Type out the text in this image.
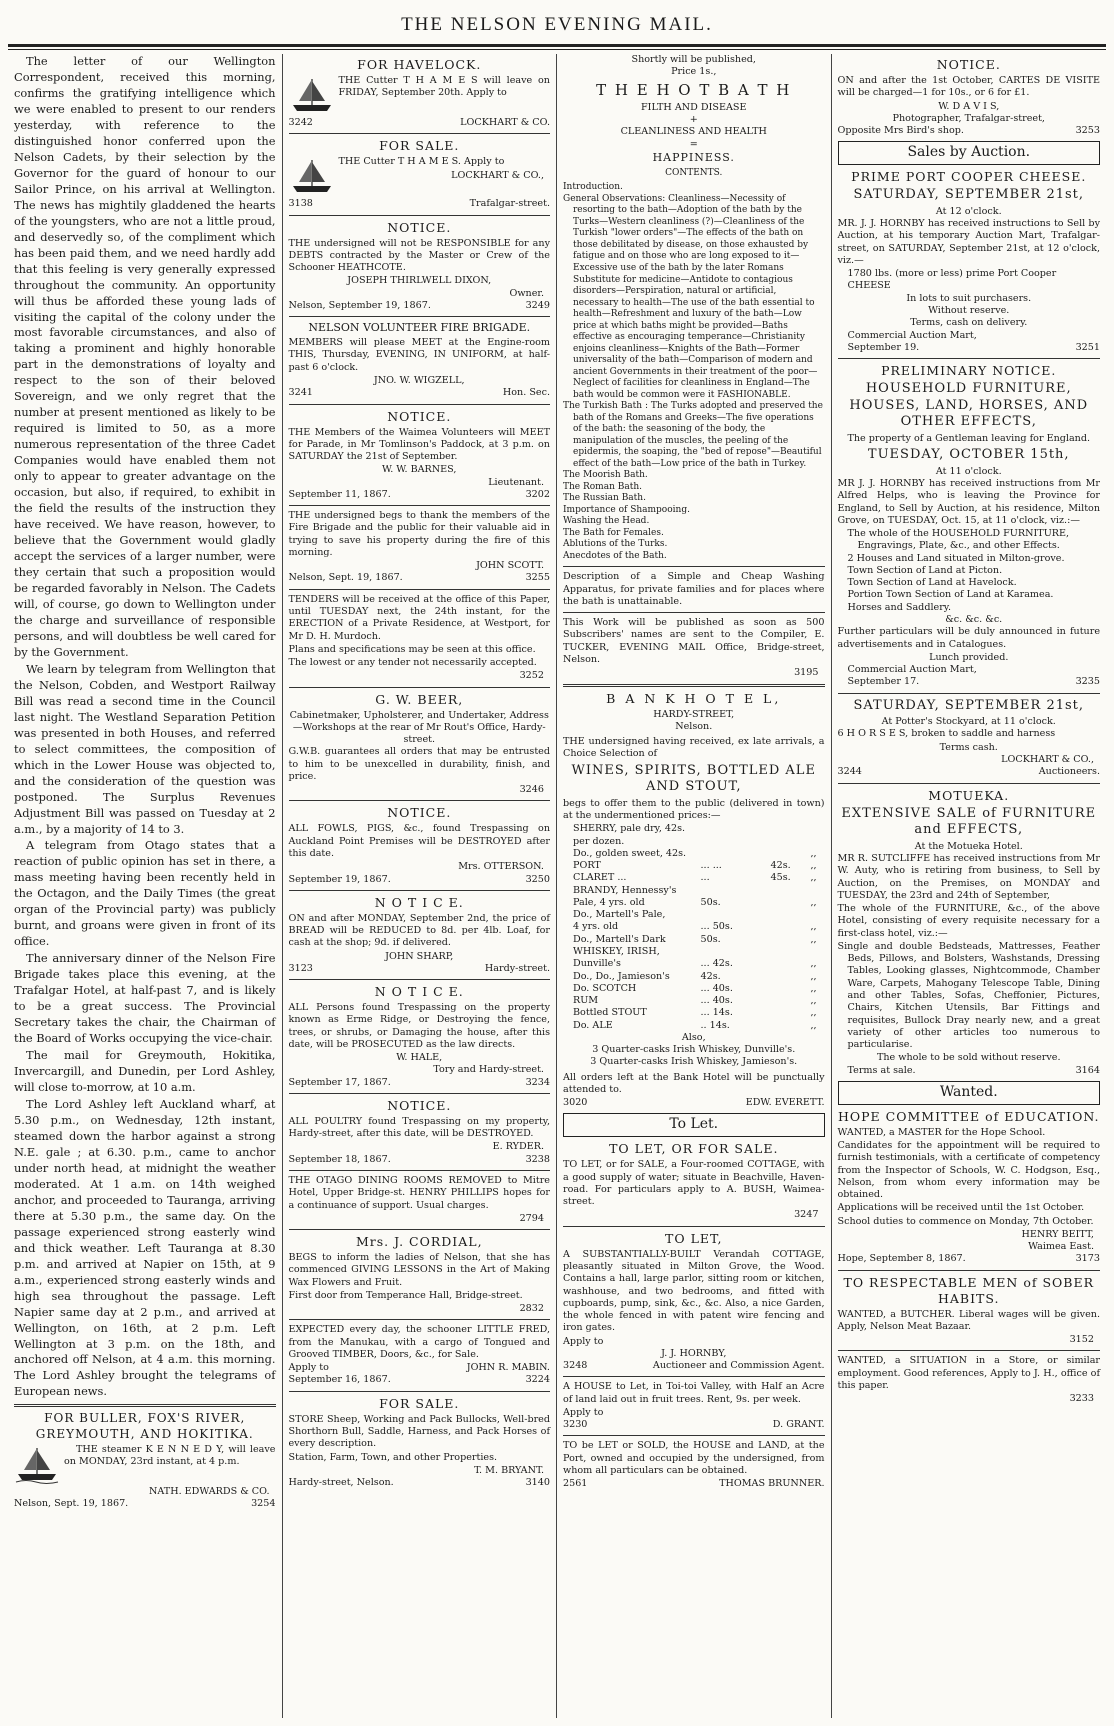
THE NELSON EVENING MAIL.

The letter of our Wellington Correspondent, received this morning, confirms the gratifying intelligence which we were enabled to present to our renders yesterday, with reference to the distinguished honor conferred upon the Nelson Cadets, by their selection by the Governor for the guard of honour to our Sailor Prince, on his arrival at Wellington. The news has mightily gladdened the hearts of the youngsters, who are not a little proud, and deservedly so, of the compliment which has been paid them, and we need hardly add that this feeling is very generally expressed throughout the community. An opportunity will thus be afforded these young lads of visiting the capital of the colony under the most favorable circumstances, and also of taking a prominent and highly honorable part in the demonstrations of loyalty and respect to the son of their beloved Sovereign, and we only regret that the number at present mentioned as likely to be required is limited to 50, as a more numerous representation of the three Cadet Companies would have enabled them not only to appear to greater advantage on the occasion, but also, if required, to exhibit in the field the results of the instruction they have received. We have reason, however, to believe that the Government would gladly accept the services of a larger number, were they certain that such a proposition would be regarded favorably in Nelson. The Cadets will, of course, go down to Wellington under the charge and surveillance of responsible persons, and will doubtless be well cared for by the Government.

We learn by telegram from Wellington that the Nelson, Cobden, and Westport Railway Bill was read a second time in the Council last night. The Westland Separation Petition was presented in both Houses, and referred to select committees, the composition of which in the Lower House was objected to, and the consideration of the question was postponed. The Surplus Revenues Adjustment Bill was passed on Tuesday at 2 a.m., by a majority of 14 to 3.

A telegram from Otago states that a reaction of public opinion has set in there, a mass meeting having been recently held in the Octagon, and the Daily Times (the great organ of the Provincial party) was publicly burnt, and groans were given in front of its office.

The anniversary dinner of the Nelson Fire Brigade takes place this evening, at the Trafalgar Hotel, at half-past 7, and is likely to be a great success. The Provincial Secretary takes the chair, the Chairman of the Board of Works occupying the vice-chair.

The mail for Greymouth, Hokitika, Invercargill, and Dunedin, per Lord Ashley, will close to-morrow, at 10 a.m.

The Lord Ashley left Auckland wharf, at 5.30 p.m., on Wednesday, 12th instant, steamed down the harbor against a strong N.E. gale ; at 6.30. p.m., came to anchor under north head, at midnight the weather moderated. At 1 a.m. on 14th weighed anchor, and proceeded to Tauranga, arriving there at 5.30 p.m., the same day. On the passage experienced strong easterly wind and thick weather. Left Tauranga at 8.30 p.m. and arrived at Napier on 15th, at 9 a.m., experienced strong easterly winds and high sea throughout the passage. Left Napier same day at 2 p.m., and arrived at Wellington, on 16th, at 2 p.m. Left Wellington at 3 p.m. on the 18th, and anchored off Nelson, at 4 a.m. this morning. The Lord Ashley brought the telegrams of European news.

FOR BULLER, FOX'S RIVER, GREYMOUTH, AND HOKITIKA.

THE steamer K E N N E D Y, will leave on MONDAY, 23rd instant, at 4 p.m.

NATH. EDWARDS & CO.
Nelson, Sept. 19, 1867.	3254
FOR HAVELOCK.

THE Cutter T H A M E S will leave on FRIDAY, September 20th. Apply to

3242	LOCKHART & CO.
FOR SALE.

THE Cutter T H A M E S. Apply to

LOCKHART & CO.,
3138	Trafalgar-street.
NOTICE.

THE undersigned will not be RESPONSIBLE for any DEBTS contracted by the Master or Crew of the Schooner HEATHCOTE.

JOSEPH THIRLWELL DIXON,
Owner.
Nelson, September 19, 1867.	3249
NELSON VOLUNTEER FIRE BRIGADE.

MEMBERS will please MEET at the Engine-room THIS, Thursday, EVENING, IN UNIFORM, at half-past 6 o'clock.

JNO. W. WIGZELL,
3241	Hon. Sec.
NOTICE.

THE Members of the Waimea Volunteers will MEET for Parade, in Mr Tomlinson's Paddock, at 3 p.m. on SATURDAY the 21st of September.

W. W. BARNES,
Lieutenant.
September 11, 1867.	3202

THE undersigned begs to thank the members of the Fire Brigade and the public for their valuable aid in trying to save his property during the fire of this morning.

JOHN SCOTT.
Nelson, Sept. 19, 1867.	3255

TENDERS will be received at the office of this Paper, until TUESDAY next, the 24th instant, for the ERECTION of a Private Residence, at Westport, for Mr D. H. Murdoch.

Plans and specifications may be seen at this office.

The lowest or any tender not necessarily accepted.

3252
G. W. BEER,
Cabinetmaker, Upholsterer, and Undertaker, Address—Workshops at the rear of Mr Rout's Office, Hardy-street.

G.W.B. guarantees all orders that may be entrusted to him to be unexcelled in durability, finish, and price.

3246
NOTICE.

ALL FOWLS, PIGS, &c., found Trespassing on Auckland Point Premises will be DESTROYED after this date.

Mrs. OTTERSON.
September 19, 1867.	3250
N O T I C E.

ON and after MONDAY, September 2nd, the price of BREAD will be REDUCED to 8d. per 4lb. Loaf, for cash at the shop; 9d. if delivered.

JOHN SHARP,
3123	Hardy-street.
N O T I C E.

ALL Persons found Trespassing on the property known as Erme Ridge, or Destroying the fence, trees, or shrubs, or Damaging the house, after this date, will be PROSECUTED as the law directs.

W. HALE,
Tory and Hardy-street.
September 17, 1867.	3234
NOTICE.

ALL POULTRY found Trespassing on my property, Hardy-street, after this date, will be DESTROYED.

E. RYDER.
September 18, 1867.	3238

THE OTAGO DINING ROOMS REMOVED to Mitre Hotel, Upper Bridge-st. HENRY PHILLIPS hopes for a continuance of support. Usual charges.

2794
Mrs. J. CORDIAL,

BEGS to inform the ladies of Nelson, that she has commenced GIVING LESSONS in the Art of Making Wax Flowers and Fruit.

First door from Temperance Hall, Bridge-street.

2832

EXPECTED every day, the schooner LITTLE FRED, from the Manukau, with a cargo of Tongued and Grooved TIMBER, Doors, &c., for Sale.

Apply to	JOHN R. MABIN.
September 16, 1867.	3224
FOR SALE.

STORE Sheep, Working and Pack Bullocks, Well-bred Shorthorn Bull, Saddle, Harness, and Pack Horses of every description.

Station, Farm, Town, and other Properties.

T. M. BRYANT.
Hardy-street, Nelson.	3140
Shortly will be published,
Price 1s.,
T H E H O T B A T H
FILTH AND DISEASE
+
CLEANLINESS AND HEALTH
=
HAPPINESS.
CONTENTS.
Introduction.
General Observations: Cleanliness—Necessity of resorting to the bath—Adoption of the bath by the Turks—Western cleanliness (?)—Cleanliness of the Turkish "lower orders"—The effects of the bath on those debilitated by disease, on those exhausted by fatigue and on those who are long exposed to it—Excessive use of the bath by the later Romans Substitute for medicine—Antidote to contagious disorders—Perspiration, natural or artificial, necessary to health—The use of the bath essential to health—Refreshment and luxury of the bath—Low price at which baths might be provided—Baths effective as encouraging temperance—Christianity enjoins cleanliness—Knights of the Bath—Former universality of the bath—Comparison of modern and ancient Governments in their treatment of the poor—Neglect of facilities for cleanliness in England—The bath would be common were it FASHIONABLE.
The Turkish Bath : The Turks adopted and preserved the bath of the Romans and Greeks—The five operations of the bath: the seasoning of the body, the manipulation of the muscles, the peeling of the epidermis, the soaping, the "bed of repose"—Beautiful effect of the bath—Low price of the bath in Turkey.
The Moorish Bath.
The Roman Bath.
The Russian Bath.
Importance of Shampooing.
Washing the Head.
The Bath for Females.
Ablutions of the Turks.
Anecdotes of the Bath.

Description of a Simple and Cheap Washing Apparatus, for private families and for places where the bath is unattainable.

This Work will be published as soon as 500 Subscribers' names are sent to the Compiler, E. TUCKER, EVENING MAIL Office, Bridge-street, Nelson.

3195
B A N K H O T E L,
HARDY-STREET,
Nelson.

THE undersigned having received, ex late arrivals, a Choice Selection of

WINES, SPIRITS, BOTTLED ALE AND STOUT,

begs to offer them to the public (delivered in town) at the undermentioned prices:—

SHERRY, pale dry, 42s. per dozen.
Do., golden sweet, 42s.	,,
PORT	... ...	42s.	,,
CLARET ...	...	45s.	,,
BRANDY, Hennessy's
Pale, 4 yrs. old	50s.	,,
Do., Martell's Pale,
4 yrs. old	... 50s.	,,
Do., Martell's Dark	50s.	,,
WHISKEY, IRISH,
Dunville's	... 42s.	,,
Do., Do., Jamieson's	42s.	,,
Do. SCOTCH	... 40s.	,,
RUM	... 40s.	,,
Bottled STOUT	... 14s.	,,
Do. ALE	.. 14s.	,,
Also,
3 Quarter-casks Irish Whiskey, Dunville's.
3 Quarter-casks Irish Whiskey, Jamieson's.

All orders left at the Bank Hotel will be punctually attended to.

3020	EDW. EVERETT.
To Let.
TO LET, OR FOR SALE.

TO LET, or for SALE, a Four-roomed COTTAGE, with a good supply of water; situate in Beachville, Haven-road. For particulars apply to A. BUSH, Waimea-street.

3247
TO LET,

A SUBSTANTIALLY-BUILT Verandah COTTAGE, pleasantly situated in Milton Grove, the Wood. Contains a hall, large parlor, sitting room or kitchen, washhouse, and two bedrooms, and fitted with cupboards, pump, sink, &c., &c. Also, a nice Garden, the whole fenced in with patent wire fencing and iron gates.

Apply to
J. J. HORNBY,
3248	Auctioneer and Commission Agent.

A HOUSE to Let, in Toi-toi Valley, with Half an Acre of land laid out in fruit trees. Rent, 9s. per week.

Apply to
3230	D. GRANT.

TO be LET or SOLD, the HOUSE and LAND, at the Port, owned and occupied by the undersigned, from whom all particulars can be obtained.

2561	THOMAS BRUNNER.
NOTICE.

ON and after the 1st October, CARTES DE VISITE will be charged—1 for 10s., or 6 for £1.

W. D A V I S,
Photographer, Trafalgar-street,
Opposite Mrs Bird's shop.	3253
Sales by Auction.
PRIME PORT COOPER CHEESE.
SATURDAY, SEPTEMBER 21st,
At 12 o'clock.

MR. J. J. HORNBY has received instructions to Sell by Auction, at his temporary Auction Mart, Trafalgar-street, on SATURDAY, September 21st, at 12 o'clock, viz.—

1780 lbs. (more or less) prime Port Cooper CHEESE
In lots to suit purchasers.
Without reserve.
Terms, cash on delivery.
Commercial Auction Mart,
September 19.	3251
PRELIMINARY NOTICE.
HOUSEHOLD FURNITURE, HOUSES, LAND, HORSES, AND OTHER EFFECTS,
The property of a Gentleman leaving for England.
TUESDAY, OCTOBER 15th,
At 11 o'clock.

MR J. J. HORNBY has received instructions from Mr Alfred Helps, who is leaving the Province for England, to Sell by Auction, at his residence, Milton Grove, on TUESDAY, Oct. 15, at 11 o'clock, viz.:—

The whole of the HOUSEHOLD FURNITURE, Engravings, Plate, &c., and other Effects.
2 Houses and Land situated in Milton-grove.
Town Section of Land at Picton.
Town Section of Land at Havelock.
Portion Town Section of Land at Karamea.
Horses and Saddlery.
&c. &c. &c.

Further particulars will be duly announced in future advertisements and in Catalogues.

Lunch provided.
Commercial Auction Mart,
September 17.	3235
SATURDAY, SEPTEMBER 21st,
At Potter's Stockyard, at 11 o'clock.

6 H O R S E S, broken to saddle and harness

Terms cash.
LOCKHART & CO.,
3244	Auctioneers.
MOTUEKA.
EXTENSIVE SALE of FURNITURE and EFFECTS,
At the Motueka Hotel.

MR R. SUTCLIFFE has received instructions from Mr W. Auty, who is retiring from business, to Sell by Auction, on the Premises, on MONDAY and TUESDAY, the 23rd and 24th of September,

The whole of the FURNITURE, &c., of the above Hotel, consisting of every requisite necessary for a first-class hotel, viz.:—

Single and double Bedsteads, Mattresses, Feather Beds, Pillows, and Bolsters, Washstands, Dressing Tables, Looking glasses, Nightcommode, Chamber Ware, Carpets, Mahogany Telescope Table, Dining and other Tables, Sofas, Cheffonier, Pictures, Chairs, Kitchen Utensils, Bar Fittings and requisites, Bullock Dray nearly new, and a great variety of other articles too numerous to particularise.

The whole to be sold without reserve.
Terms at sale.	3164
Wanted.
HOPE COMMITTEE of EDUCATION.

WANTED, a MASTER for the Hope School.

Candidates for the appointment will be required to furnish testimonials, with a certificate of competency from the Inspector of Schools, W. C. Hodgson, Esq., Nelson, from whom every information may be obtained.

Applications will be received until the 1st October.

School duties to commence on Monday, 7th October.

HENRY BEITT,
Waimea East.
Hope, September 8, 1867.	3173
TO RESPECTABLE MEN of SOBER HABITS.

WANTED, a BUTCHER. Liberal wages will be given. Apply, Nelson Meat Bazaar.

3152

WANTED, a SITUATION in a Store, or similar employment. Good references, Apply to J. H., office of this paper.

3233
